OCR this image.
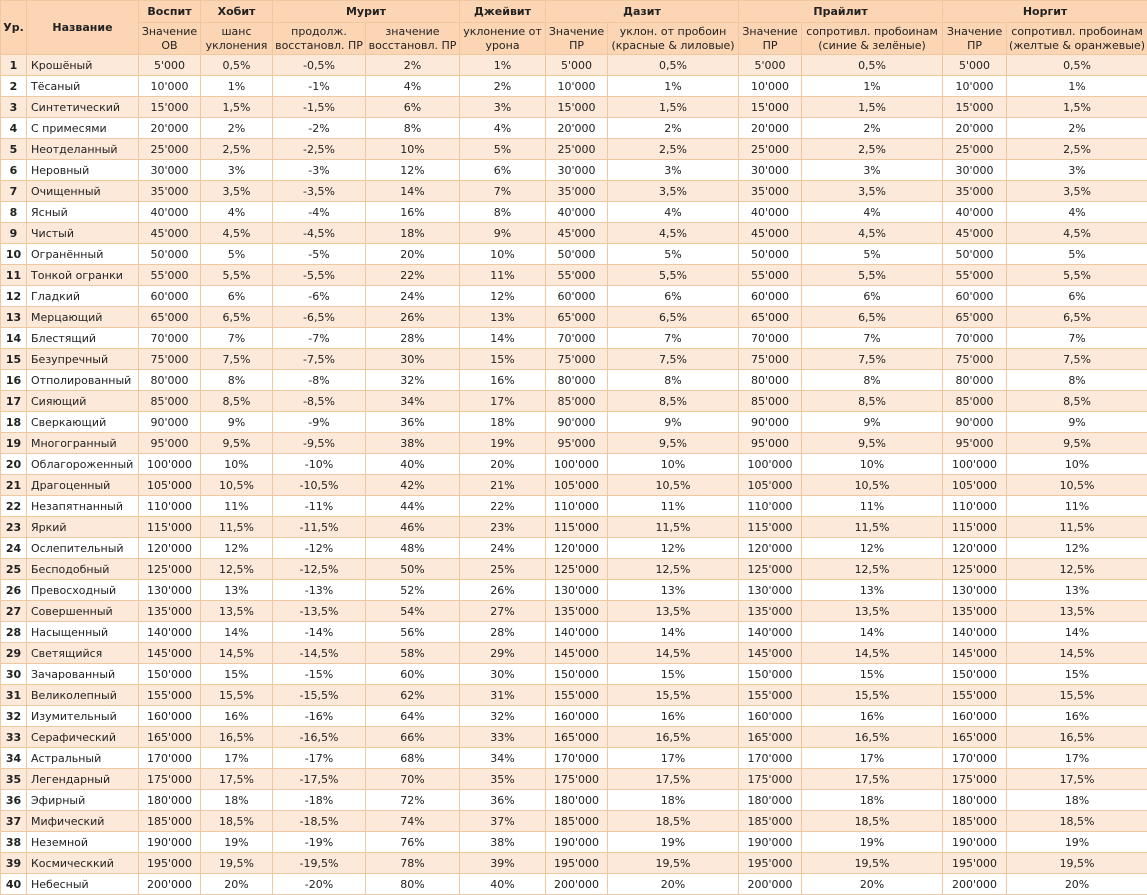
Ур.	Название	Воспит	Хобит	Мурит		Джейвит	Дазит		Прайлит		Норгит	
		Значение ОВ	шанс уклонения	продолж. восстановл. ПР	значение восстановл. ПР	уклонение от урона	Значение ПР	уклон. от пробоин (красные & лиловые)	Значение ПР	сопротивл. пробоинам (синие & зелёные)	Значение ПР	сопротивл. пробоинам (желтые & оранжевые)
1	Крошёный	5'000	0,5%	-0,5%	2%	1%	5'000	0,5%	5'000	0,5%	5'000	0,5%
2	Тёсаный	10'000	1%	-1%	4%	2%	10'000	1%	10'000	1%	10'000	1%
3	Синтетический	15'000	1,5%	-1,5%	6%	3%	15'000	1,5%	15'000	1,5%	15'000	1,5%
4	С примесями	20'000	2%	-2%	8%	4%	20'000	2%	20'000	2%	20'000	2%
5	Неотделанный	25'000	2,5%	-2,5%	10%	5%	25'000	2,5%	25'000	2,5%	25'000	2,5%
6	Неровный	30'000	3%	-3%	12%	6%	30'000	3%	30'000	3%	30'000	3%
7	Очищенный	35'000	3,5%	-3,5%	14%	7%	35'000	3,5%	35'000	3,5%	35'000	3,5%
8	Ясный	40'000	4%	-4%	16%	8%	40'000	4%	40'000	4%	40'000	4%
9	Чистый	45'000	4,5%	-4,5%	18%	9%	45'000	4,5%	45'000	4,5%	45'000	4,5%
10	Огранённый	50'000	5%	-5%	20%	10%	50'000	5%	50'000	5%	50'000	5%
11	Тонкой огранки	55'000	5,5%	-5,5%	22%	11%	55'000	5,5%	55'000	5,5%	55'000	5,5%
12	Гладкий	60'000	6%	-6%	24%	12%	60'000	6%	60'000	6%	60'000	6%
13	Мерцающий	65'000	6,5%	-6,5%	26%	13%	65'000	6,5%	65'000	6,5%	65'000	6,5%
14	Блестящий	70'000	7%	-7%	28%	14%	70'000	7%	70'000	7%	70'000	7%
15	Безупречный	75'000	7,5%	-7,5%	30%	15%	75'000	7,5%	75'000	7,5%	75'000	7,5%
16	Отполированный	80'000	8%	-8%	32%	16%	80'000	8%	80'000	8%	80'000	8%
17	Сияющий	85'000	8,5%	-8,5%	34%	17%	85'000	8,5%	85'000	8,5%	85'000	8,5%
18	Сверкающий	90'000	9%	-9%	36%	18%	90'000	9%	90'000	9%	90'000	9%
19	Многогранный	95'000	9,5%	-9,5%	38%	19%	95'000	9,5%	95'000	9,5%	95'000	9,5%
20	Облагороженный	100'000	10%	-10%	40%	20%	100'000	10%	100'000	10%	100'000	10%
21	Драгоценный	105'000	10,5%	-10,5%	42%	21%	105'000	10,5%	105'000	10,5%	105'000	10,5%
22	Незапятнанный	110'000	11%	-11%	44%	22%	110'000	11%	110'000	11%	110'000	11%
23	Яркий	115'000	11,5%	-11,5%	46%	23%	115'000	11,5%	115'000	11,5%	115'000	11,5%
24	Ослепительный	120'000	12%	-12%	48%	24%	120'000	12%	120'000	12%	120'000	12%
25	Бесподобный	125'000	12,5%	-12,5%	50%	25%	125'000	12,5%	125'000	12,5%	125'000	12,5%
26	Превосходный	130'000	13%	-13%	52%	26%	130'000	13%	130'000	13%	130'000	13%
27	Совершенный	135'000	13,5%	-13,5%	54%	27%	135'000	13,5%	135'000	13,5%	135'000	13,5%
28	Насыщенный	140'000	14%	-14%	56%	28%	140'000	14%	140'000	14%	140'000	14%
29	Светящийся	145'000	14,5%	-14,5%	58%	29%	145'000	14,5%	145'000	14,5%	145'000	14,5%
30	Зачарованный	150'000	15%	-15%	60%	30%	150'000	15%	150'000	15%	150'000	15%
31	Великолепный	155'000	15,5%	-15,5%	62%	31%	155'000	15,5%	155'000	15,5%	155'000	15,5%
32	Изумительный	160'000	16%	-16%	64%	32%	160'000	16%	160'000	16%	160'000	16%
33	Серафический	165'000	16,5%	-16,5%	66%	33%	165'000	16,5%	165'000	16,5%	165'000	16,5%
34	Астральный	170'000	17%	-17%	68%	34%	170'000	17%	170'000	17%	170'000	17%
35	Легендарный	175'000	17,5%	-17,5%	70%	35%	175'000	17,5%	175'000	17,5%	175'000	17,5%
36	Эфирный	180'000	18%	-18%	72%	36%	180'000	18%	180'000	18%	180'000	18%
37	Мифический	185'000	18,5%	-18,5%	74%	37%	185'000	18,5%	185'000	18,5%	185'000	18,5%
38	Неземной	190'000	19%	-19%	76%	38%	190'000	19%	190'000	19%	190'000	19%
39	Космическкий	195'000	19,5%	-19,5%	78%	39%	195'000	19,5%	195'000	19,5%	195'000	19,5%
40	Небесный	200'000	20%	-20%	80%	40%	200'000	20%	200'000	20%	200'000	20%
